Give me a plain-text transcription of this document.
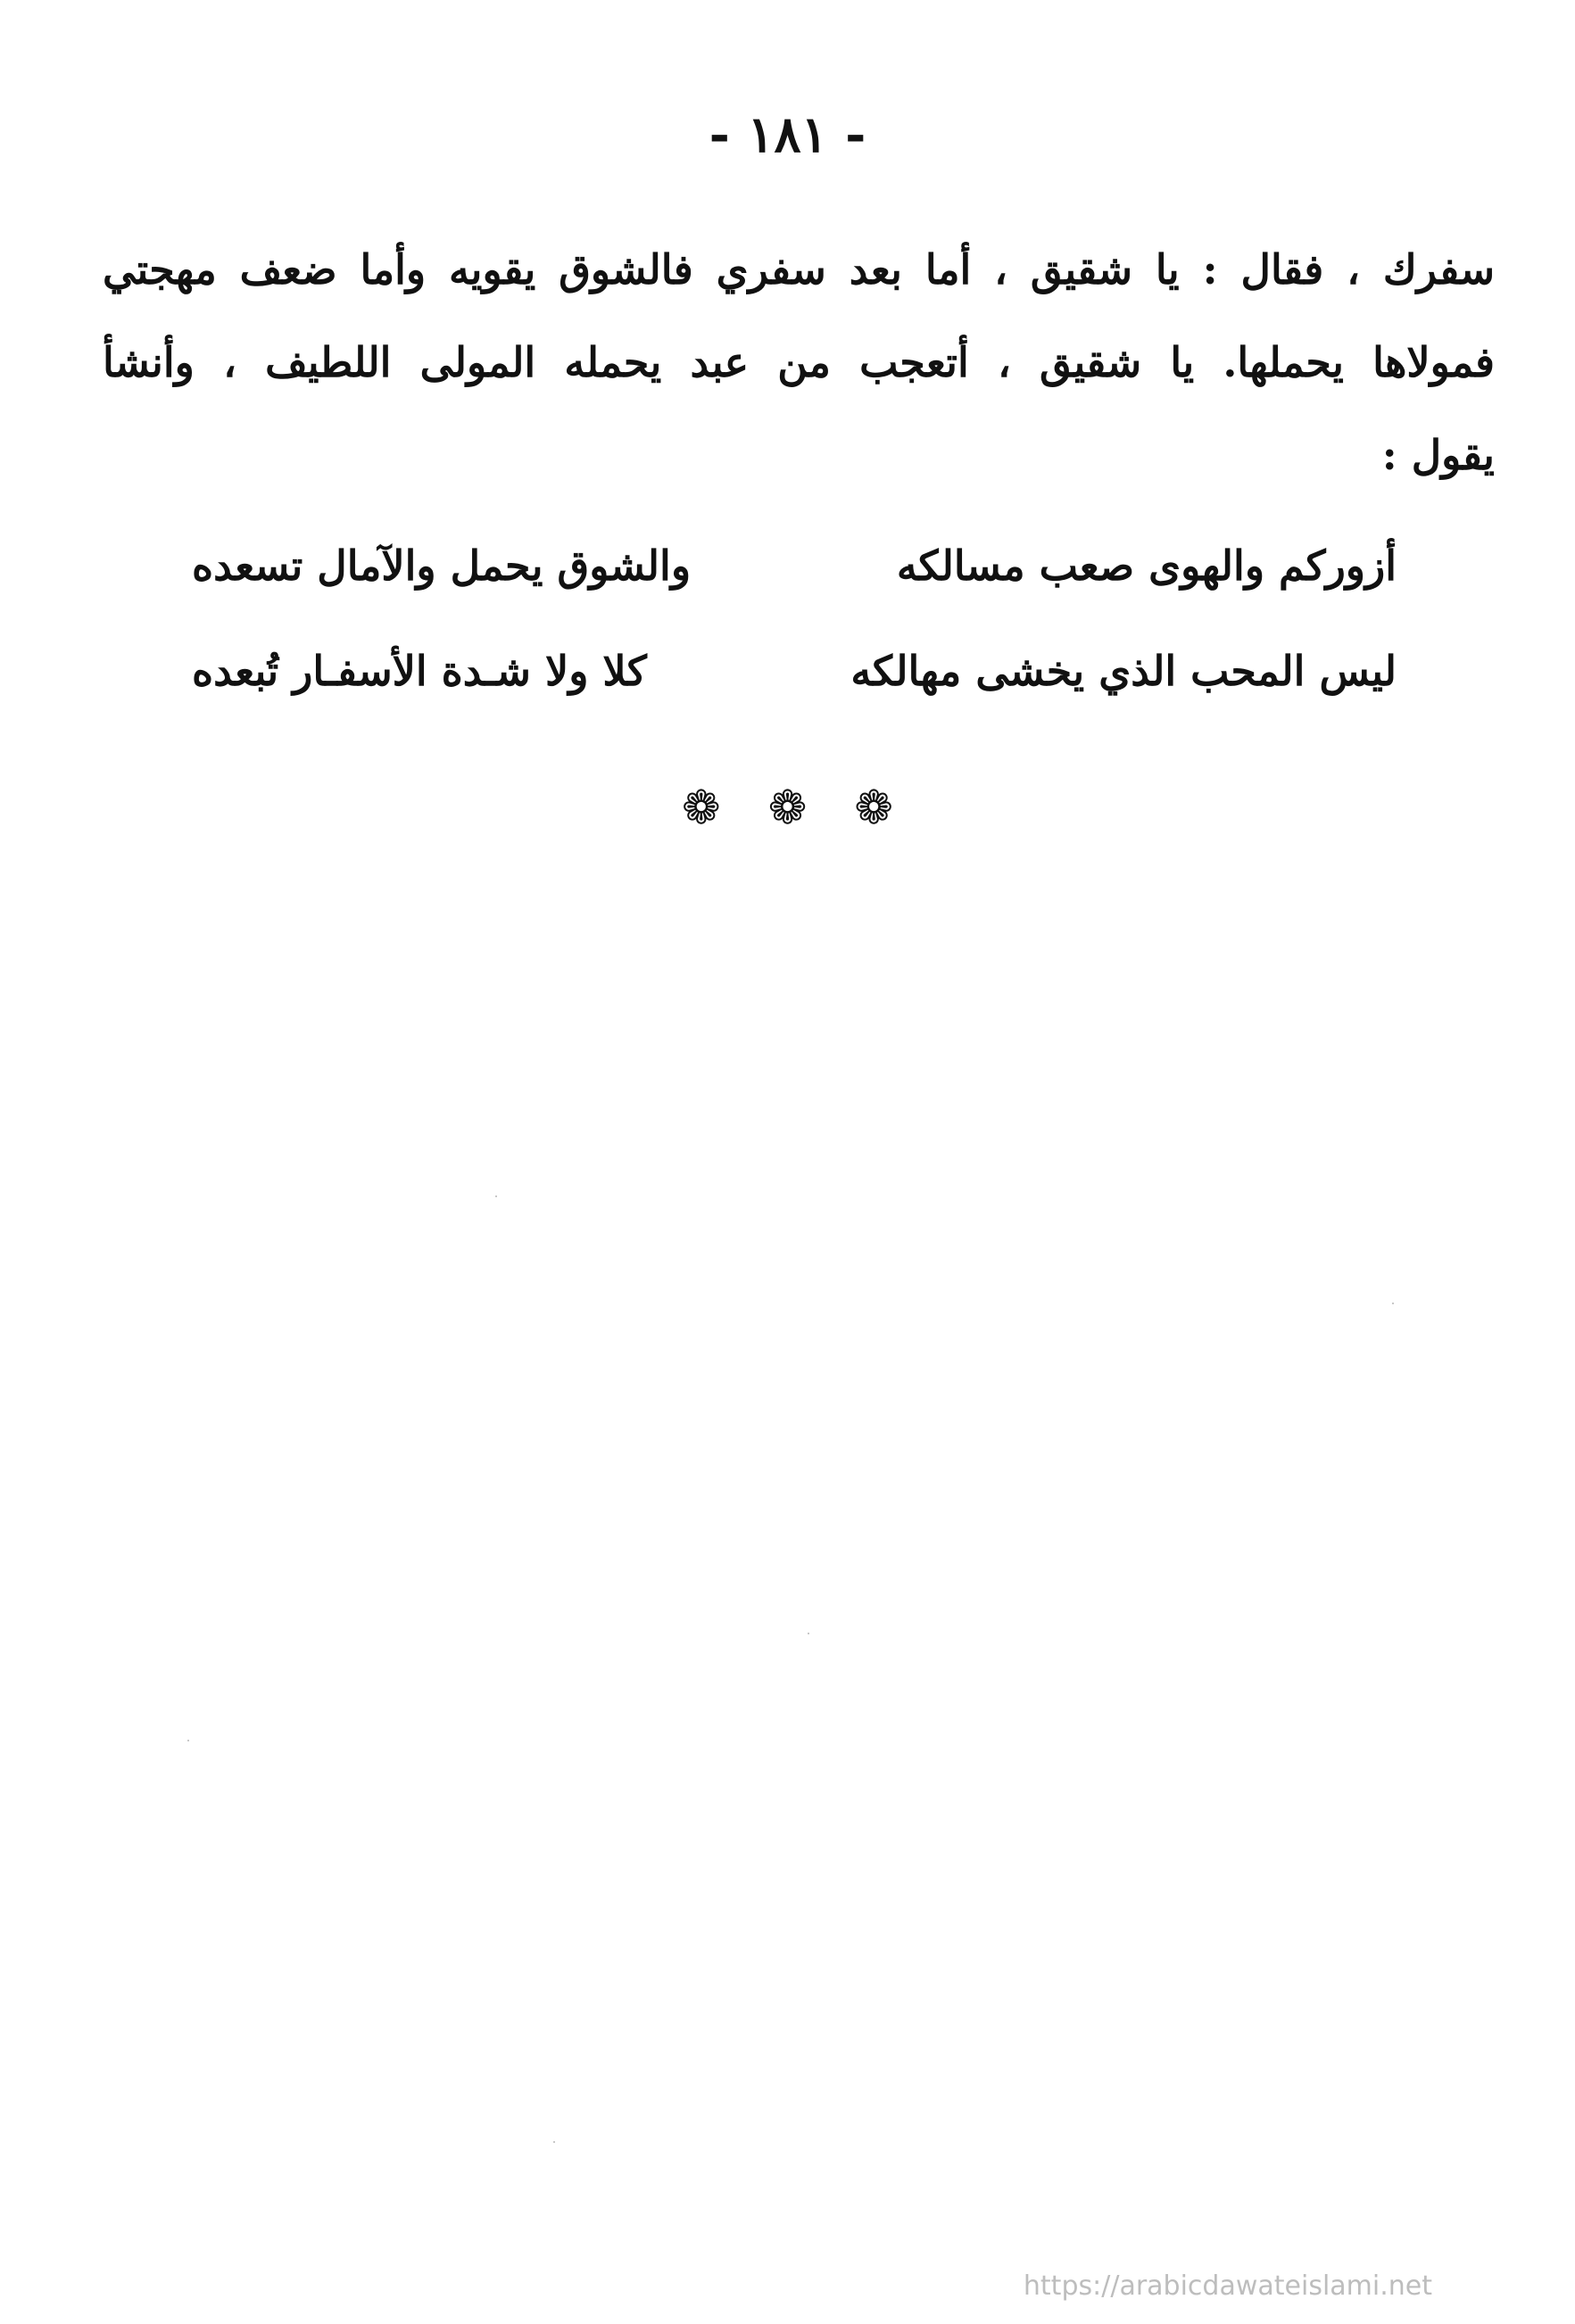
- ١٨١ -
سفرك ، فقال : يا شقيق ، أما بعد سفري فالشوق يقويه وأما ضعف مهجتي
فمولاها يحملها. يا شقيق ، أتعجب من عبد يحمله المولى اللطيف ، وأنشأ
يقول :
أزوركم والهوى صعب مسالكه
والشوق يحمل والآمال تسعده
ليس المحب الذي يخشى مهالكه
كلا ولا شـدة الأسفـار تُبعده
❁ ❁ ❁
https://arabicdawateislami.net
